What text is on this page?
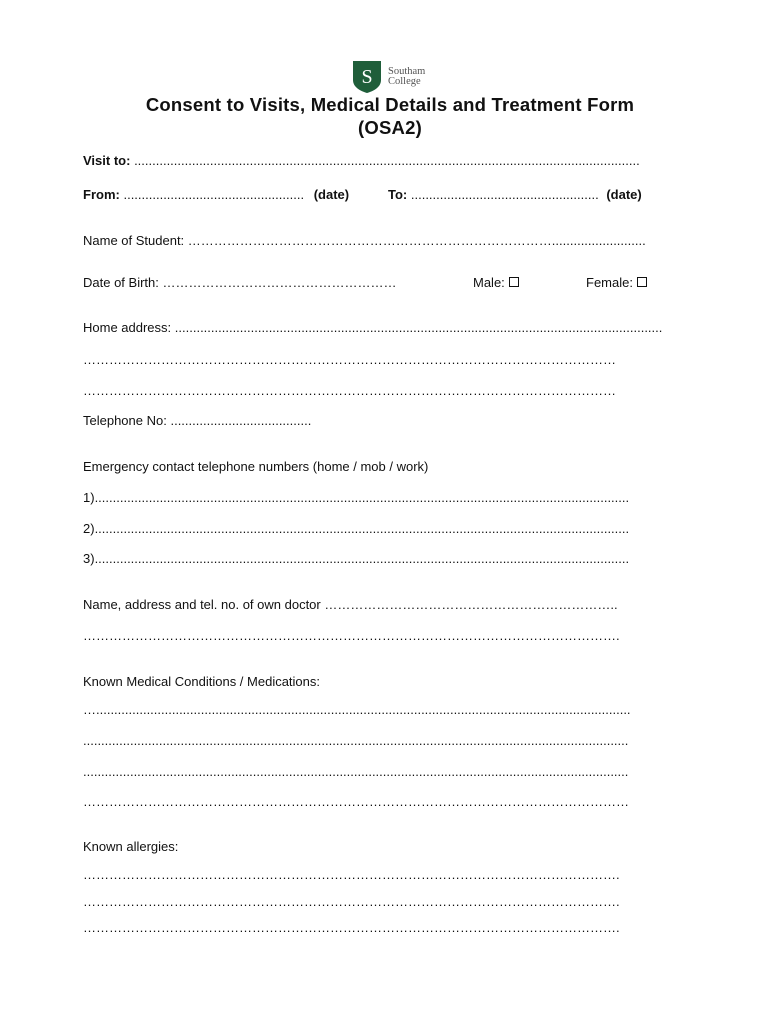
S Southam
College
Consent to Visits, Medical Details and Treatment Form
(OSA2)
Visit to: ............................................................................................................................................
From: .................................................. (date)	To: .................................................... (date)
Name of Student: …………………………………………………………………………..........................
Date of Birth: ………………………………………………	Male:	Female:
Home address: .......................................................................................................................................
……………………………………………………………………………………………………………
……………………………………………………………………………………………………………
Telephone No: .......................................
Emergency contact telephone numbers (home / mob / work)
1)....................................................................................................................................................
2)....................................................................................................................................................
3)....................................................................................................................................................
Name, address and tel. no. of own doctor …………………………………………………………..
…………………………………………………………………………………………………………….
Known Medical Conditions / Medications:
…....................................................................................................................................................
.......................................................................................................................................................
.......................................................................................................................................................
………………………………………………………………………………………………………………
Known allergies:
…………………………………………………………………………………………………………….
…………………………………………………………………………………………………………….
…………………………………………………………………………………………………………….
